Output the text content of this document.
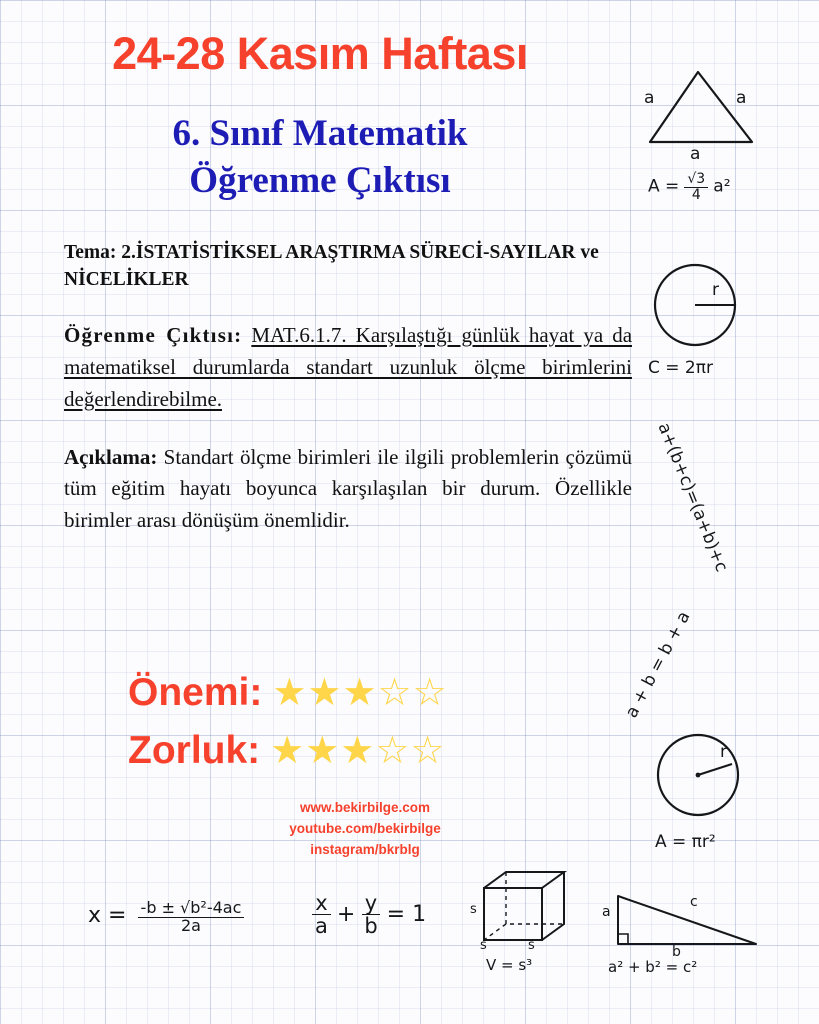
24-28 Kasım Haftası
6. Sınıf Matematik
Öğrenme Çıktısı
Tema: 2.İSTATİSTİKSEL ARAŞTIRMA SÜRECİ-SAYILAR ve NİCELİKLER
Öğrenme Çıktısı: MAT.6.1.7. Karşılaştığı günlük hayat ya da matematiksel durumlarda standart uzunluk ölçme birimlerini değerlendirebilme.
Açıklama: Standart ölçme birimleri ile ilgili problemlerin çözümü tüm eğitim hayatı boyunca karşılaşılan bir durum. Özellikle birimler arası dönüşüm önemlidir.
Önemi: ★★★☆☆
Zorluk: ★★★☆☆
www.bekirbilge.com
youtube.com/bekirbilge
instagram/bkrblg
a	a
a
$A = \frac{√3}{4} a^2$
r
C = 2πr
a+(b+c)=(a+b)+c
a + b = b + a
r
A = πr²
$x = \frac{\text{-b ± √b²-4ac}}{2a}$	$\frac{x}{a} + \frac{y}{b} = 1$	s
s	s
V = s³
a
c
b
a² + b² = c²
